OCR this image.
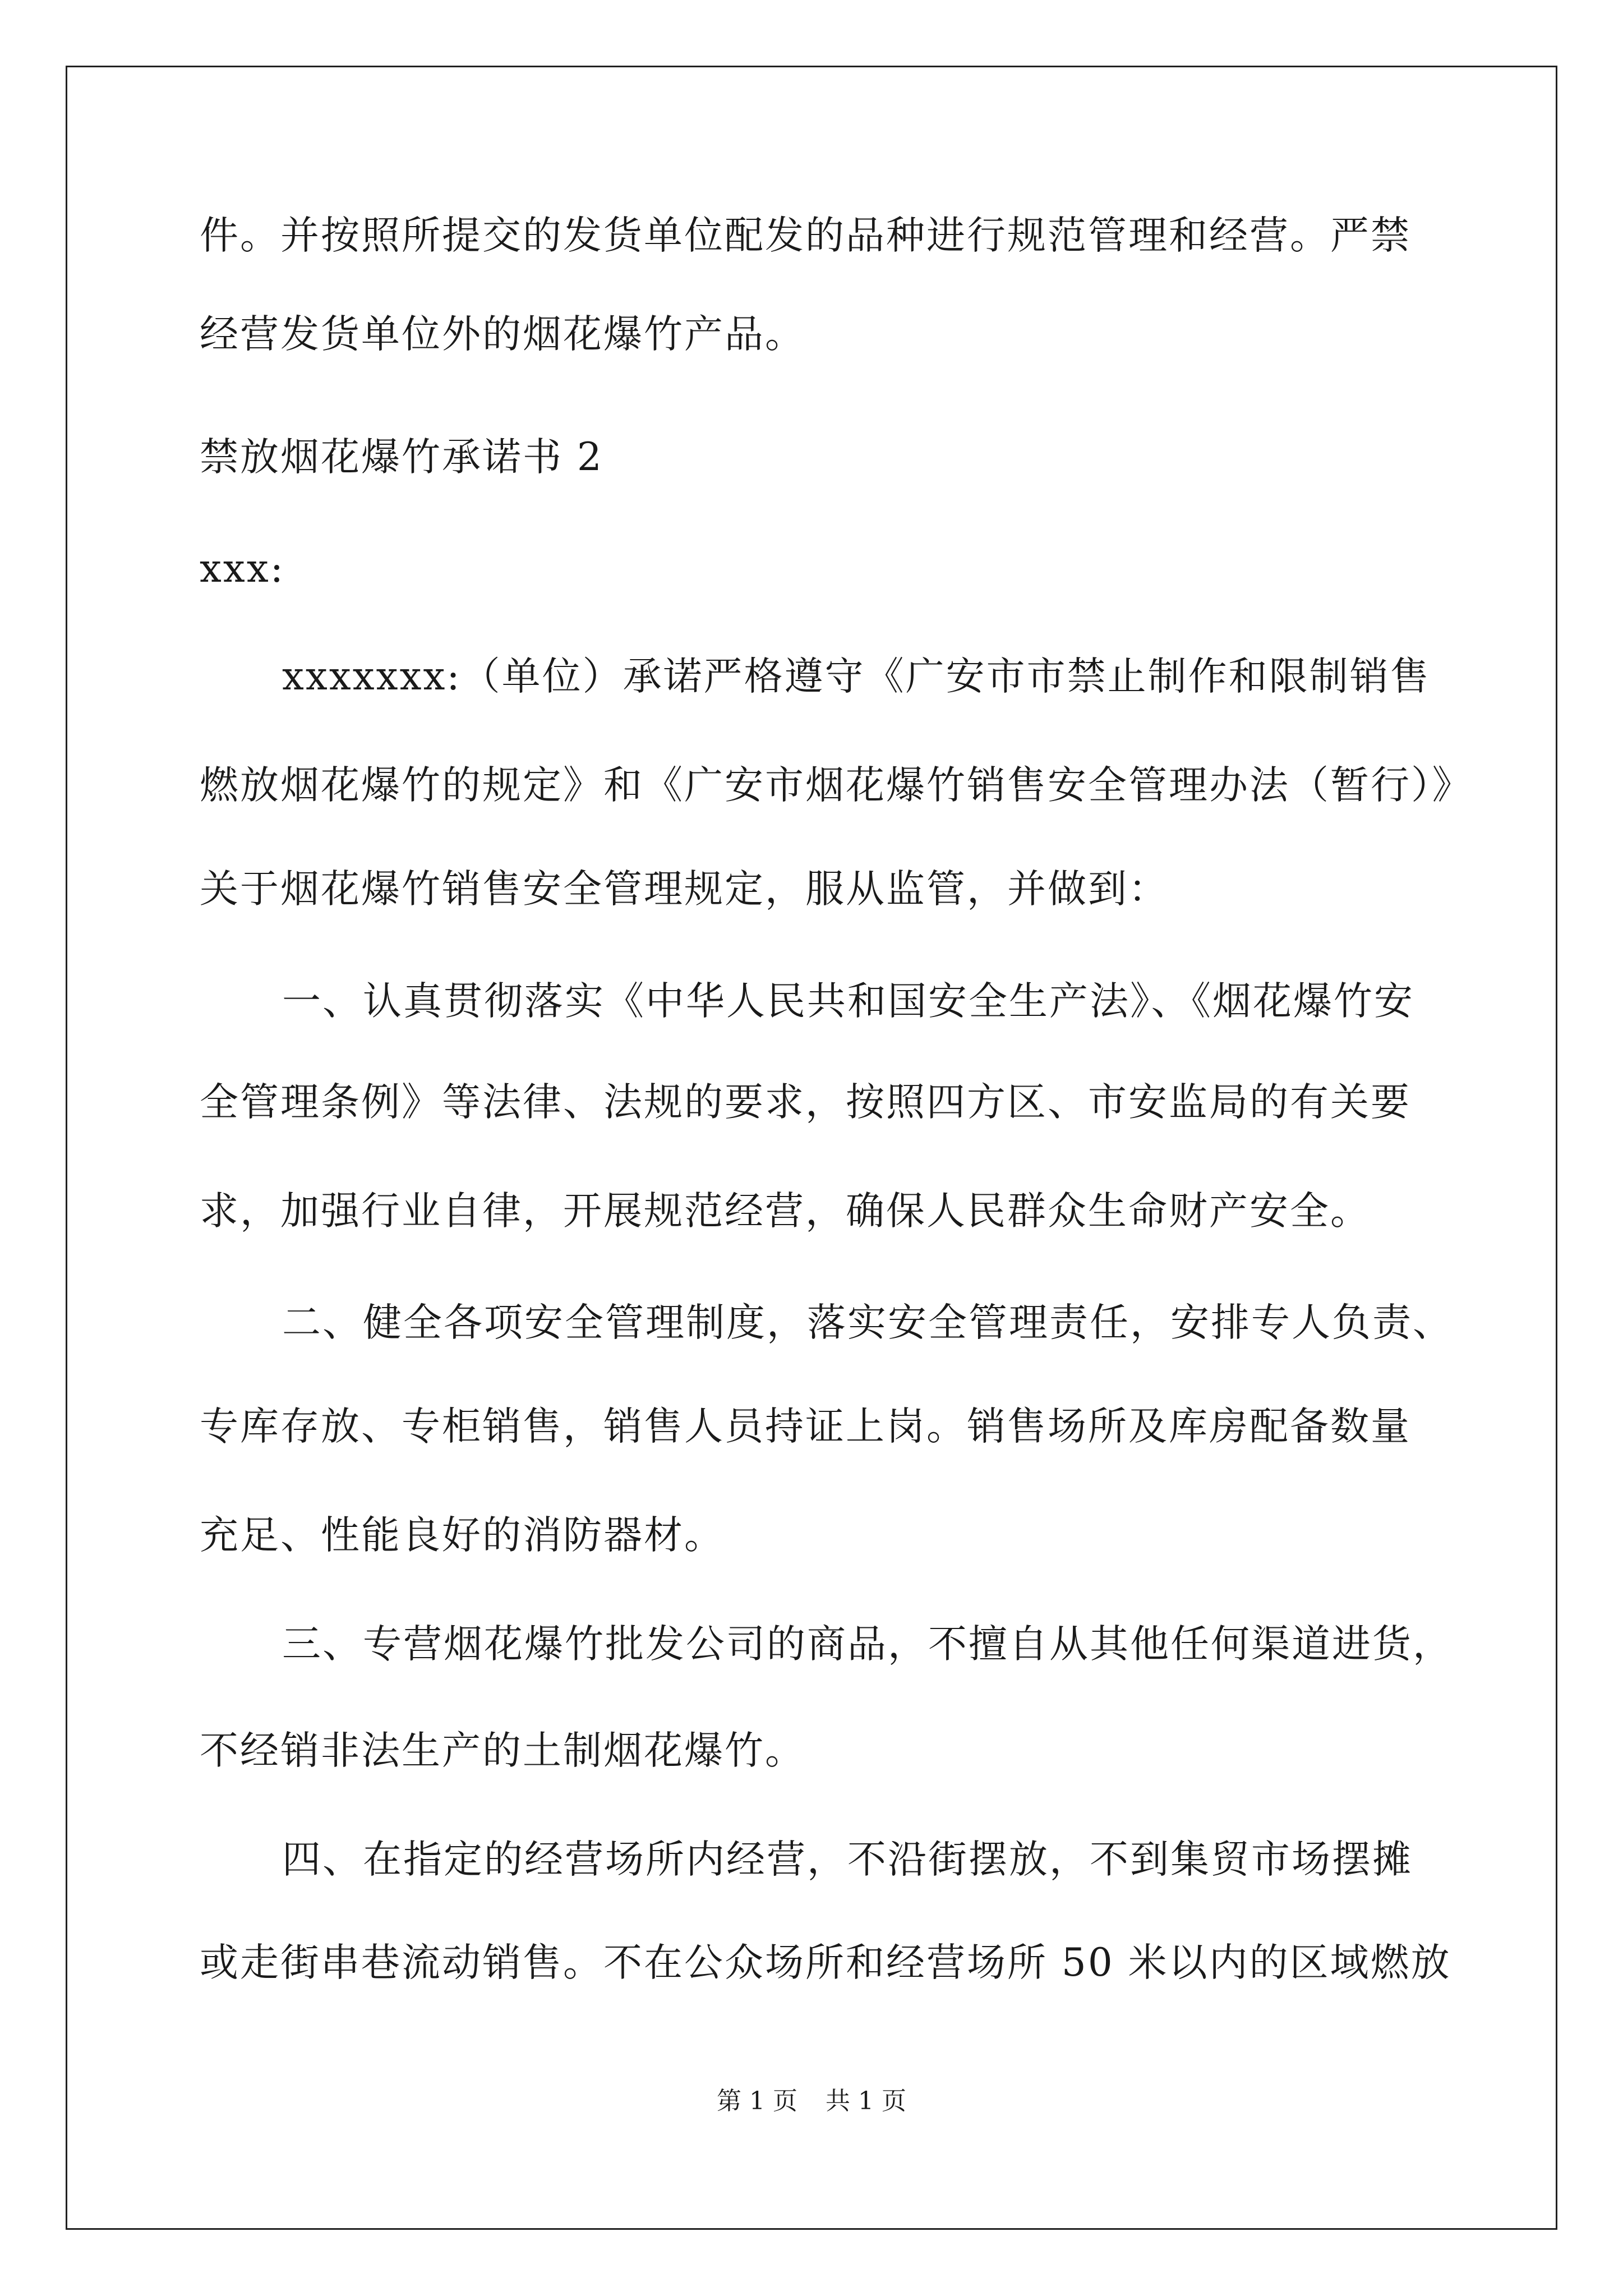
件。并按照所提交的发货单位配发的品种进行规范管理和经营。严禁
经营发货单位外的烟花爆竹产品。
禁放烟花爆竹承诺书 2
xxx:
xxxxxxx:（单位）承诺严格遵守《广安市市禁止制作和限制销售
燃放烟花爆竹的规定》和《广安市烟花爆竹销售安全管理办法（暂行）》
关于烟花爆竹销售安全管理规定，服从监管，并做到：
一、认真贯彻落实《中华人民共和国安全生产法》、《烟花爆竹安
全管理条例》等法律、法规的要求，按照四方区、市安监局的有关要
求，加强行业自律，开展规范经营，确保人民群众生命财产安全。
二、健全各项安全管理制度，落实安全管理责任，安排专人负责、
专库存放、专柜销售，销售人员持证上岗。销售场所及库房配备数量
充足、性能良好的消防器材。
三、专营烟花爆竹批发公司的商品，不擅自从其他任何渠道进货，
不经销非法生产的土制烟花爆竹。
四、在指定的经营场所内经营，不沿街摆放，不到集贸市场摆摊
或走街串巷流动销售。不在公众场所和经营场所 50 米以内的区域燃放
第 1 页 共 1 页
